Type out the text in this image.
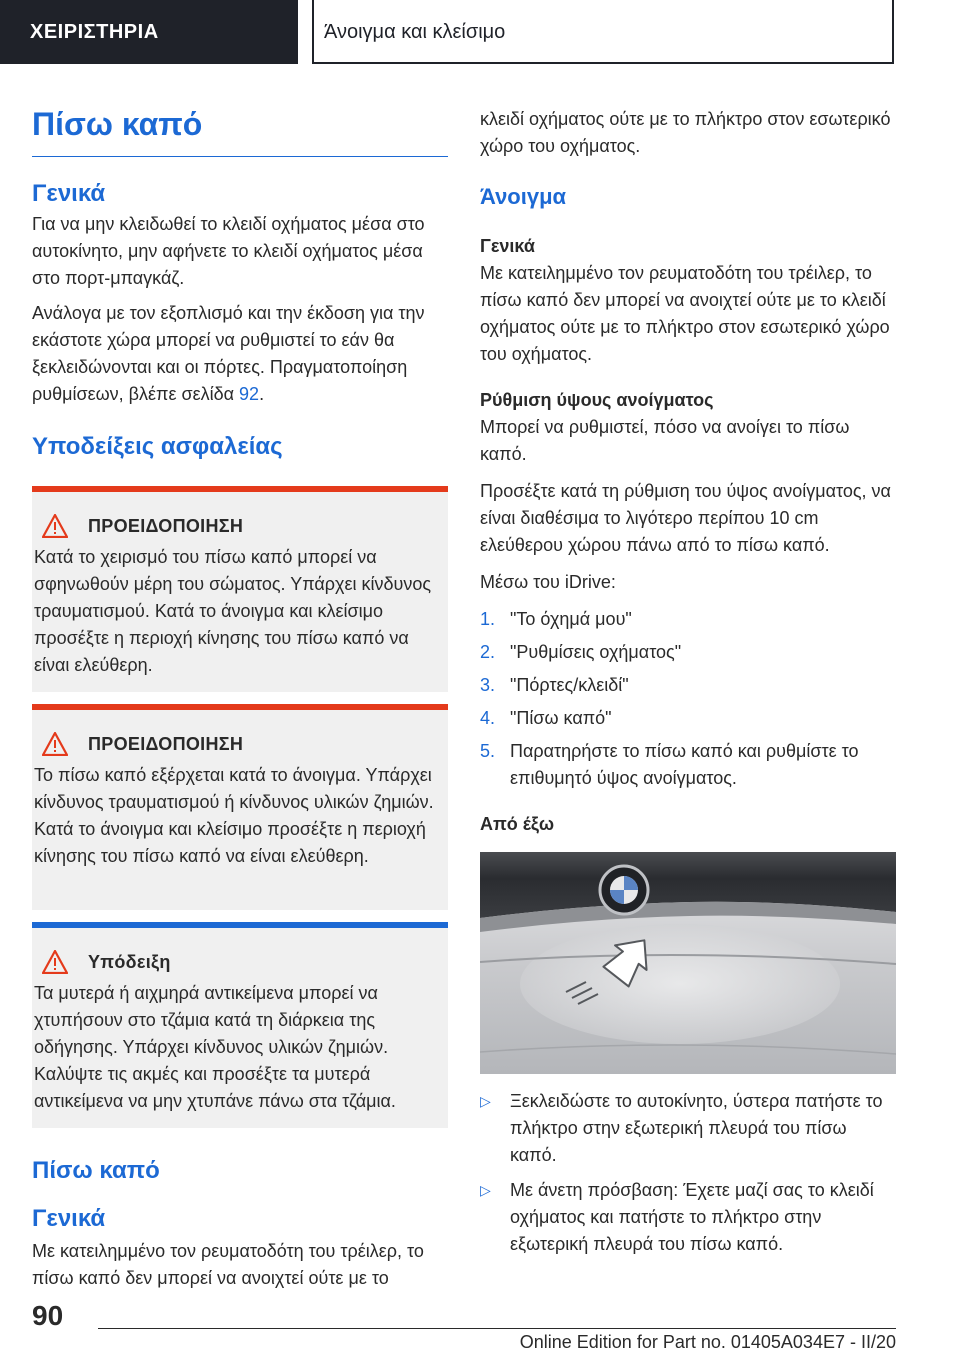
ΧΕΙΡΙΣΤΗΡΙΑ	Άνοιγμα και κλείσιμο
Πίσω καπό
Γενικά

Για να μην κλειδωθεί το κλειδί οχήματος μέσα στο αυτοκίνητο, μην αφήνετε το κλειδί οχήματος μέσα στο πορτ-μπαγκάζ.

Ανάλογα με τον εξοπλισμό και την έκδοση για την εκάστοτε χώρα μπορεί να ρυθμιστεί το εάν θα ξεκλειδώνονται και οι πόρτες. Πραγματοποίηση ρυθμίσεων, βλέπε σελίδα 92.

Υποδείξεις ασφαλείας
ΠΡΟΕΙΔΟΠΟΙΗΣΗ

Κατά το χειρισμό του πίσω καπό μπορεί να σφηνωθούν μέρη του σώματος. Υπάρχει κίνδυνος τραυματισμού. Κατά το άνοιγμα και κλείσιμο προσέξτε η περιοχή κίνησης του πίσω καπό να είναι ελεύθερη.

ΠΡΟΕΙΔΟΠΟΙΗΣΗ

Το πίσω καπό εξέρχεται κατά το άνοιγμα. Υπάρχει κίνδυνος τραυματισμού ή κίνδυνος υλικών ζημιών. Κατά το άνοιγμα και κλείσιμο προσέξτε η περιοχή κίνησης του πίσω καπό να είναι ελεύθερη.

Υπόδειξη

Τα μυτερά ή αιχμηρά αντικείμενα μπορεί να χτυπήσουν στο τζάμια κατά τη διάρκεια της οδήγησης. Υπάρχει κίνδυνος υλικών ζημιών. Καλύψτε τις ακμές και προσέξτε τα μυτερά αντικείμενα να μην χτυπάνε πάνω στα τζάμια.

Πίσω καπό
Γενικά

Με κατειλημμένο τον ρευματοδότη του τρέιλερ, το πίσω καπό δεν μπορεί να ανοιχτεί ούτε με το

κλειδί οχήματος ούτε με το πλήκτρο στον εσωτερικό χώρο του οχήματος.

Άνοιγμα
Γενικά

Με κατειλημμένο τον ρευματοδότη του τρέιλερ, το πίσω καπό δεν μπορεί να ανοιχτεί ούτε με το κλειδί οχήματος ούτε με το πλήκτρο στον εσωτερικό χώρο του οχήματος.

Ρύθμιση ύψους ανοίγματος

Μπορεί να ρυθμιστεί, πόσο να ανοίγει το πίσω καπό.

Προσέξτε κατά τη ρύθμιση του ύψος ανοίγματος, να είναι διαθέσιμα το λιγότερο περίπου 10 cm ελεύθερου χώρου πάνω από το πίσω καπό.

Μέσω του iDrive:

1. "Το όχημά μου"
2. "Ρυθμίσεις οχήματος"
3. "Πόρτες/κλειδί"
4. "Πίσω καπό"
5. Παρατηρήστε το πίσω καπό και ρυθμίστε το επιθυμητό ύψος ανοίγματος.
Από έξω
▷	Ξεκλειδώστε το αυτοκίνητο, ύστερα πατήστε το πλήκτρο στην εξωτερική πλευρά του πίσω καπό.
▷	Με άνετη πρόσβαση: Έχετε μαζί σας το κλειδί οχήματος και πατήστε το πλήκτρο στην εξωτερική πλευρά του πίσω καπό.
90
Online Edition for Part no. 01405A034E7 - II/20
